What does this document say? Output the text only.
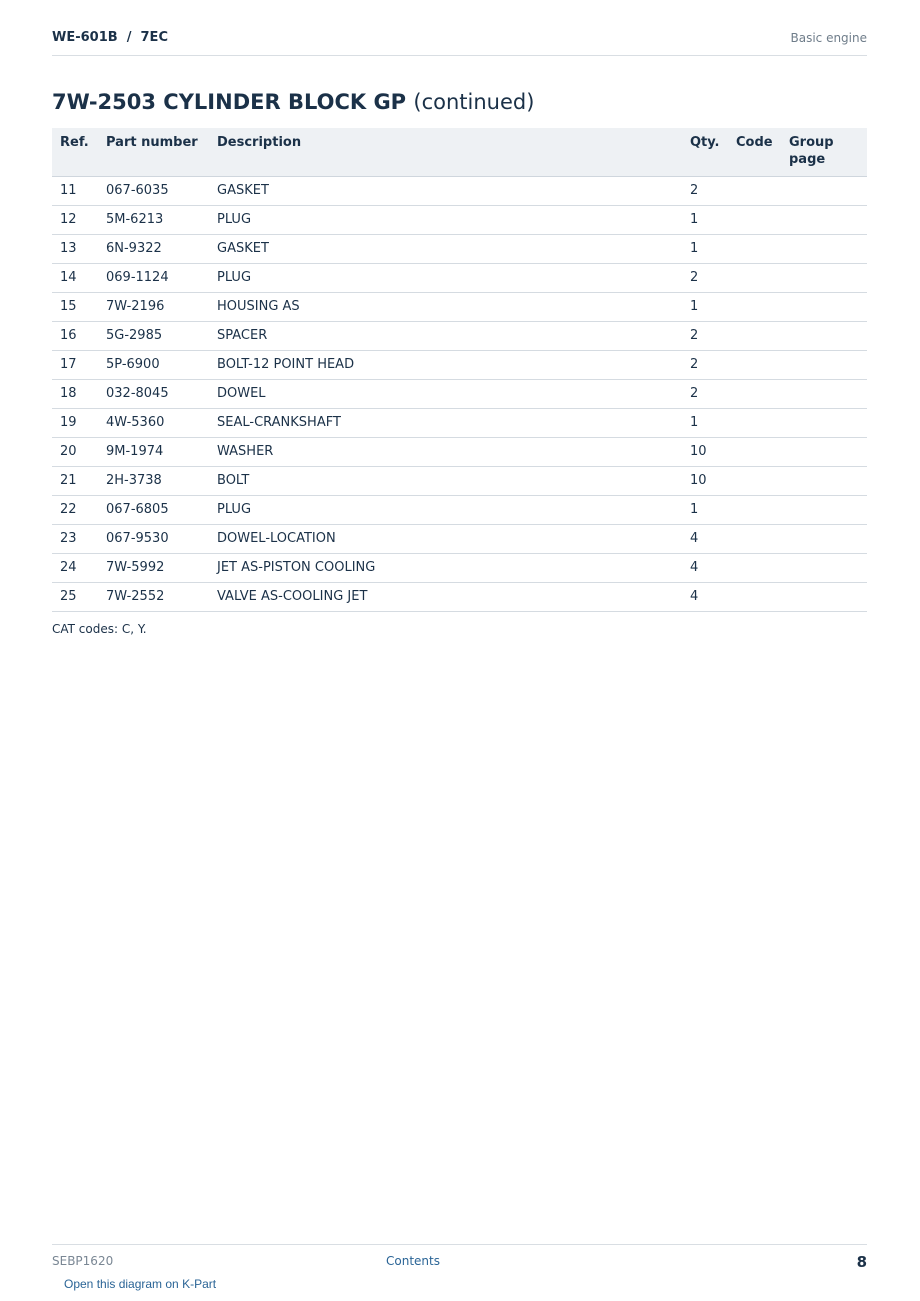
WE-601B  /  7EC	Basic engine
7W-2503 CYLINDER BLOCK GP (continued)
Ref.	Part number	Description	Qty.	Code	Group page
11	067-6035	GASKET	2		
12	5M-6213	PLUG	1		
13	6N-9322	GASKET	1		
14	069-1124	PLUG	2		
15	7W-2196	HOUSING AS	1		
16	5G-2985	SPACER	2		
17	5P-6900	BOLT-12 POINT HEAD	2		
18	032-8045	DOWEL	2		
19	4W-5360	SEAL-CRANKSHAFT	1		
20	9M-1974	WASHER	10		
21	2H-3738	BOLT	10		
22	067-6805	PLUG	1		
23	067-9530	DOWEL-LOCATION	4		
24	7W-5992	JET AS-PISTON COOLING	4		
25	7W-2552	VALVE AS-COOLING JET	4		
CAT codes: C, Y.
SEBP1620	Contents	8
Open this diagram on K-Part
